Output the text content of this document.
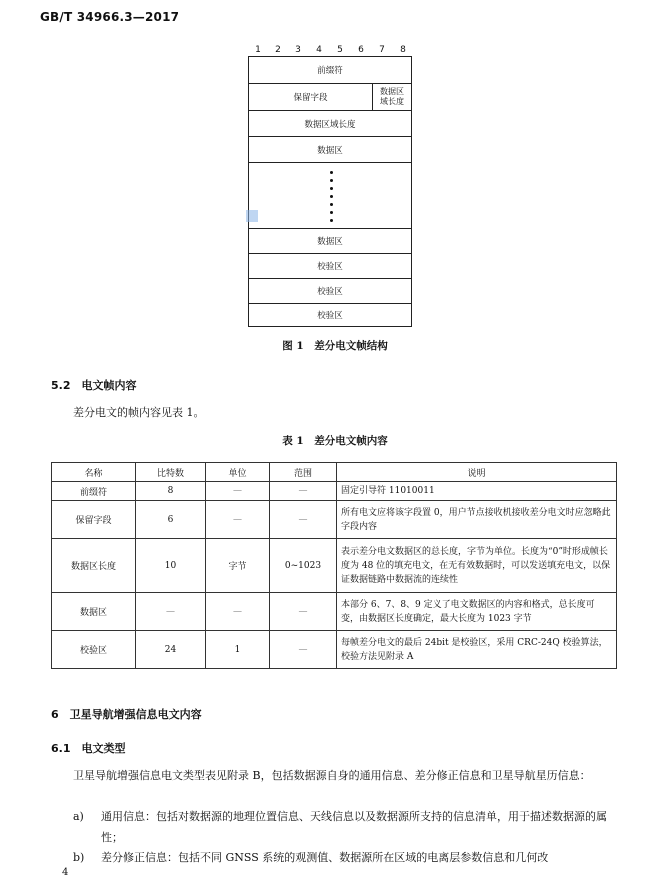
GB/T 34966.3—2017
1	2	3	4	5	6	7	8
前缀符
保留字段
数据区
域长度
数据区域长度
数据区
数据区
校验区
校验区
校验区
图 1　差分电文帧结构
5.2　电文帧内容
差分电文的帧内容见表 1。
表 1　差分电文帧内容
名称	比特数	单位	范围	说明
前缀符	8	—	—	固定引导符 11010011
保留字段	6	—	—	所有电文应将该字段置 0，用户节点接收机接收差分电文时应忽略此字段内容
数据区长度	10	字节	0~1023	表示差分电文数据区的总长度，字节为单位。长度为“0”时形成帧长度为 48 位的填充电文，在无有效数据时，可以发送填充电文，以保证数据链路中数据流的连续性
数据区	—	—	—	本部分 6、7、8、9 定义了电文数据区的内容和格式，总长度可变，由数据区长度确定，最大长度为 1023 字节
校验区	24	1	—	每帧差分电文的最后 24bit 是校验区，采用 CRC-24Q 校验算法，校验方法见附录 A
6　卫星导航增强信息电文内容
6.1　电文类型
卫星导航增强信息电文类型表见附录 B，包括数据源自身的通用信息、差分修正信息和卫星导航星历信息：
a) 通用信息：包括对数据源的地理位置信息、天线信息以及数据源所支持的信息清单，用于描述数据源的属性；
b) 差分修正信息：包括不同 GNSS 系统的观测值、数据源所在区域的电离层参数信息和几何改
4
